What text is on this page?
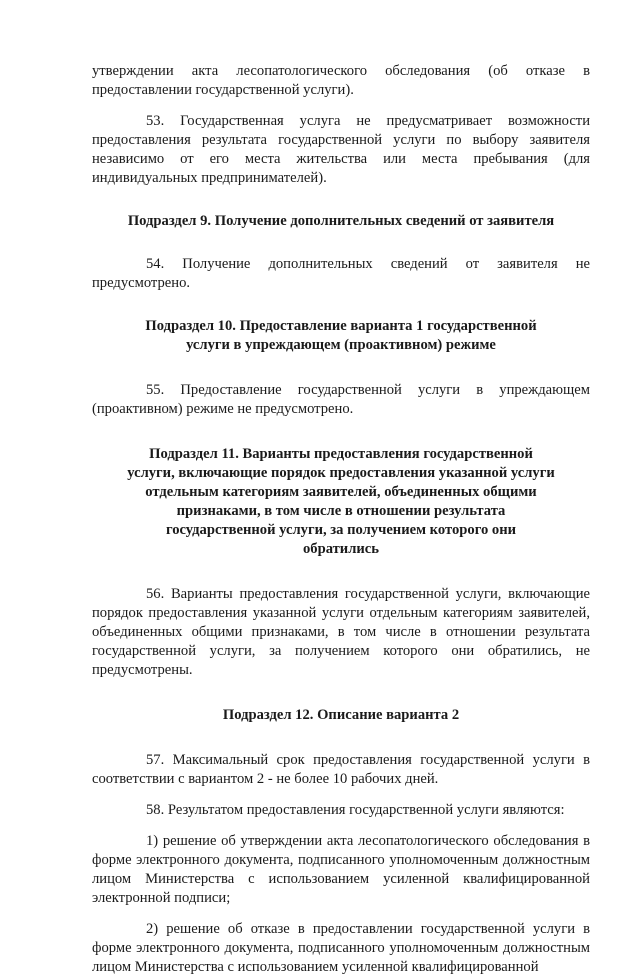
утверждении акта лесопатологического обследования (об отказе в предоставлении государственной услуги).

53. Государственная услуга не предусматривает возможности предоставления результата государственной услуги по выбору заявителя независимо от его места жительства или места пребывания (для индивидуальных предпринимателей).

Подраздел 9. Получение дополнительных сведений от заявителя

54. Получение дополнительных сведений от заявителя не предусмотрено.

Подраздел 10. Предоставление варианта 1 государственной
услуги в упреждающем (проактивном) режиме

55. Предоставление государственной услуги в упреждающем (проактивном) режиме не предусмотрено.

Подраздел 11. Варианты предоставления государственной
услуги, включающие порядок предоставления указанной услуги
отдельным категориям заявителей, объединенных общими
признаками, в том числе в отношении результата
государственной услуги, за получением которого они
обратились

56. Варианты предоставления государственной услуги, включающие порядок предоставления указанной услуги отдельным категориям заявителей, объединенных общими признаками, в том числе в отношении результата государственной услуги, за получением которого они обратились, не предусмотрены.

Подраздел 12. Описание варианта 2

57. Максимальный срок предоставления государственной услуги в соответствии с вариантом 2 - не более 10 рабочих дней.

58. Результатом предоставления государственной услуги являются:

1) решение об утверждении акта лесопатологического обследования в форме электронного документа, подписанного уполномоченным должностным лицом Министерства с использованием усиленной квалифицированной электронной подписи;

2) решение об отказе в предоставлении государственной услуги в форме электронного документа, подписанного уполномоченным должностным лицом Министерства с использованием усиленной квалифицированной
